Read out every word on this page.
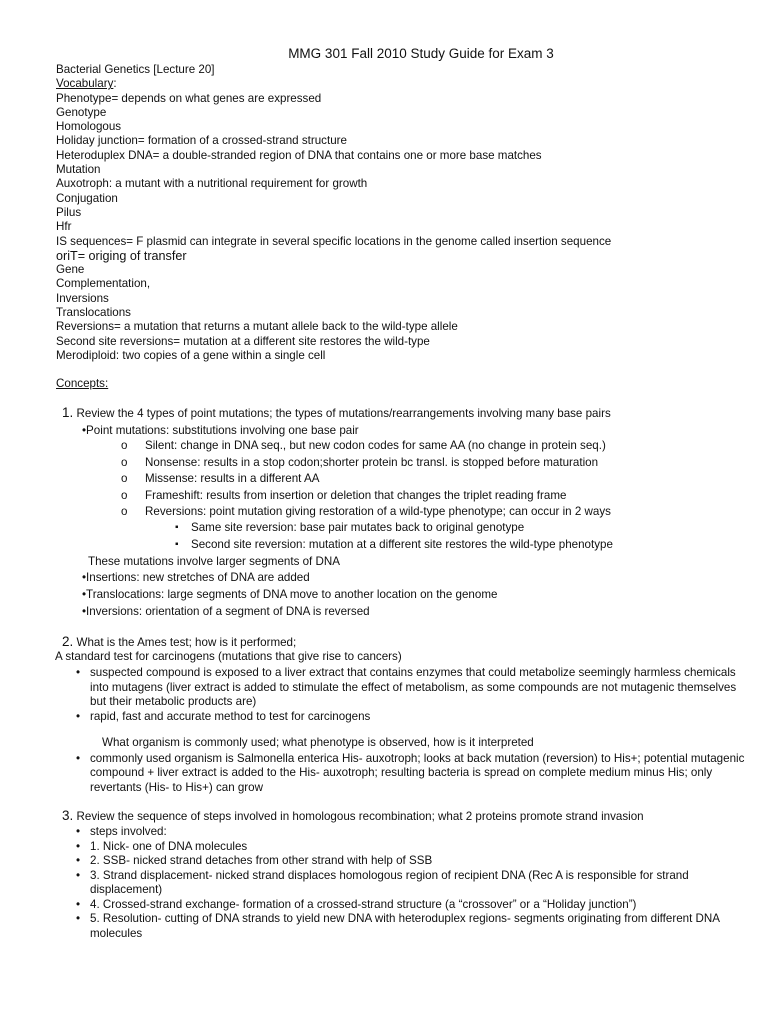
MMG 301 Fall 2010 Study Guide for Exam 3
Bacterial Genetics [Lecture 20]
Vocabulary:
Phenotype= depends on what genes are expressed
Genotype
Homologous
Holiday junction= formation of a crossed-strand structure
Heteroduplex DNA= a double-stranded region of DNA that contains one or more base matches
Mutation
Auxotroph: a mutant with a nutritional requirement for growth
Conjugation
Pilus
Hfr
IS sequences= F plasmid can integrate in several specific locations in the genome called insertion sequence
oriT= origing of transfer
Gene
Complementation,
Inversions
Translocations
Reversions= a mutation that returns a mutant allele back to the wild-type allele
Second site reversions= mutation at a different site restores the wild-type
Merodiploid: two copies of a gene within a single cell
Concepts:
1. Review the 4 types of point mutations; the types of mutations/rearrangements involving many base pairs
•Point mutations: substitutions involving one base pair
o	Silent: change in DNA seq., but new codon codes for same AA (no change in protein seq.)
o	Nonsense: results in a stop codon;shorter protein bc transl. is stopped before maturation
o	Missense: results in a different AA
o	Frameshift: results from insertion or deletion that changes the triplet reading frame
o	Reversions: point mutation giving restoration of a wild-type phenotype; can occur in 2 ways
▪	Same site reversion: base pair mutates back to original genotype
▪	Second site reversion: mutation at a different site restores the wild-type phenotype
These mutations involve larger segments of DNA
•Insertions: new stretches of DNA are added
•Translocations: large segments of DNA move to another location on the genome
•Inversions: orientation of a segment of DNA is reversed
2. What is the Ames test; how is it performed;
A standard test for carcinogens (mutations that give rise to cancers)
• suspected compound is exposed to a liver extract that contains enzymes that could metabolize seemingly harmless chemicals into mutagens (liver extract is added to stimulate the effect of metabolism, as some compounds are not mutagenic themselves but their metabolic products are)
• rapid, fast and accurate method to test for carcinogens
What organism is commonly used; what phenotype is observed, how is it interpreted
• commonly used organism is Salmonella enterica His- auxotroph; looks at back mutation (reversion) to His+; potential mutagenic compound + liver extract is added to the His- auxotroph; resulting bacteria is spread on complete medium minus His; only revertants (His- to His+) can grow
3. Review the sequence of steps involved in homologous recombination; what 2 proteins promote strand invasion
• steps involved:
• 1. Nick- one of DNA molecules
• 2. SSB- nicked strand detaches from other strand with help of SSB
• 3. Strand displacement- nicked strand displaces homologous region of recipient DNA (Rec A is responsible for strand displacement)
• 4. Crossed-strand exchange- formation of a crossed-strand structure (a “crossover” or a “Holiday junction”)
• 5. Resolution- cutting of DNA strands to yield new DNA with heteroduplex regions- segments originating from different DNA molecules
